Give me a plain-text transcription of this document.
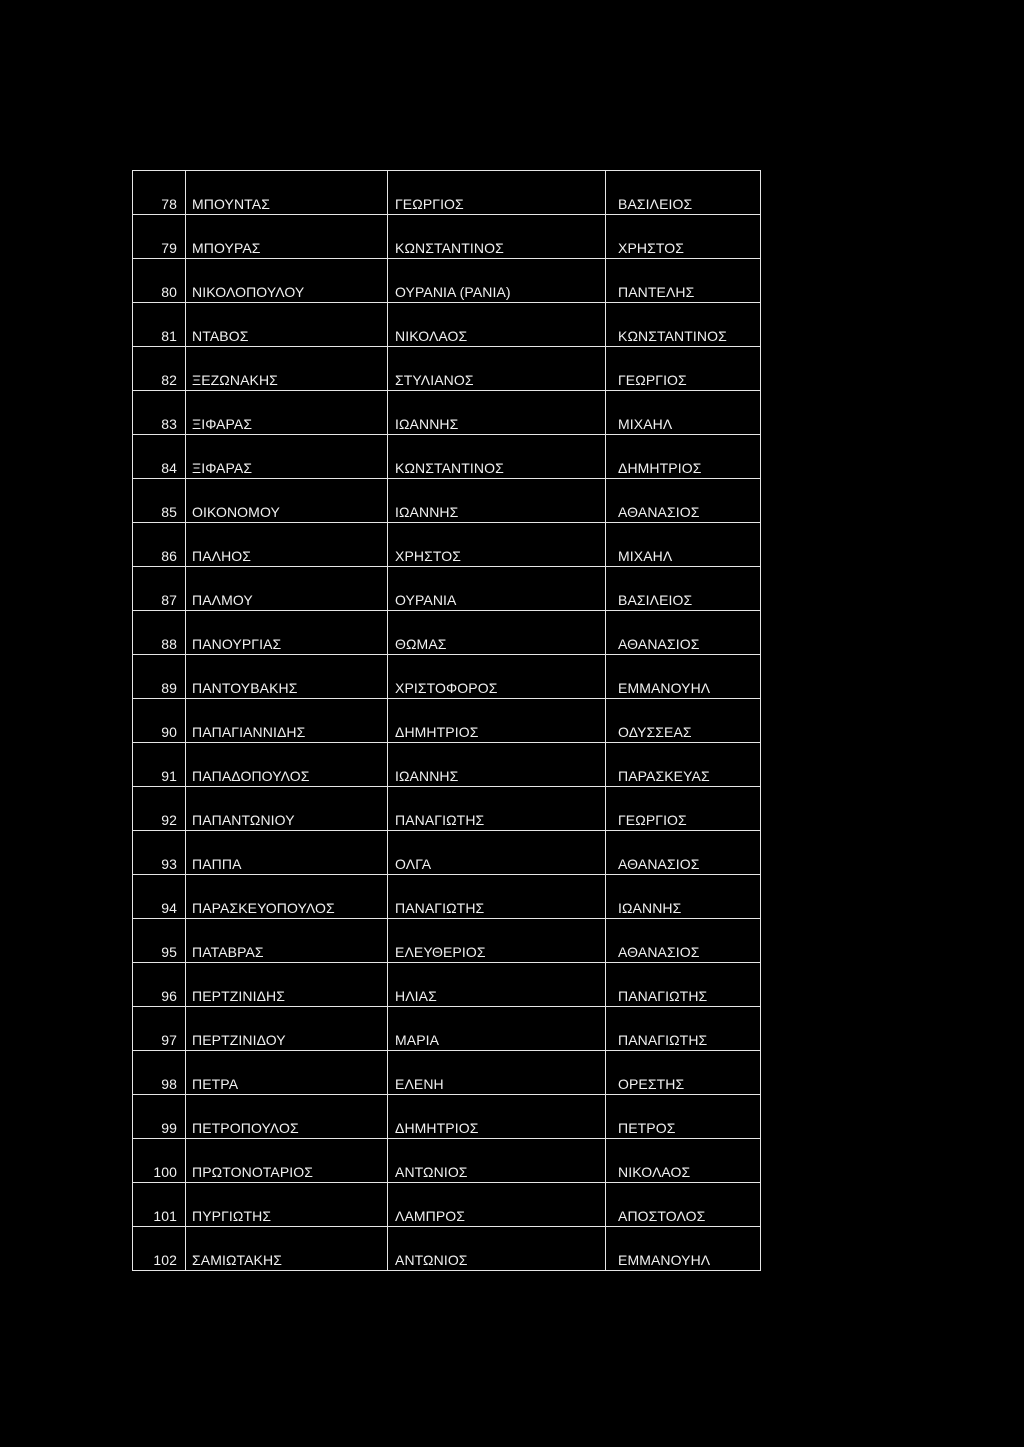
78	ΜΠΟΥΝΤΑΣ	ΓΕΩΡΓΙΟΣ	ΒΑΣΙΛΕΙΟΣ
79	ΜΠΟΥΡΑΣ	ΚΩΝΣΤΑΝΤΙΝΟΣ	ΧΡΗΣΤΟΣ
80	ΝΙΚΟΛΟΠΟΥΛΟΥ	ΟΥΡΑΝΙΑ (ΡΑΝΙΑ)	ΠΑΝΤΕΛΗΣ
81	ΝΤΑΒΟΣ	ΝΙΚΟΛΑΟΣ	ΚΩΝΣΤΑΝΤΙΝΟΣ
82	ΞΕΖΩΝΑΚΗΣ	ΣΤΥΛΙΑΝΟΣ	ΓΕΩΡΓΙΟΣ
83	ΞΙΦΑΡΑΣ	ΙΩΑΝΝΗΣ	ΜΙΧΑΗΛ
84	ΞΙΦΑΡΑΣ	ΚΩΝΣΤΑΝΤΙΝΟΣ	ΔΗΜΗΤΡΙΟΣ
85	ΟΙΚΟΝΟΜΟΥ	ΙΩΑΝΝΗΣ	ΑΘΑΝΑΣΙΟΣ
86	ΠΑΛΗΟΣ	ΧΡΗΣΤΟΣ	ΜΙΧΑΗΛ
87	ΠΑΛΜΟΥ	ΟΥΡΑΝΙΑ	ΒΑΣΙΛΕΙΟΣ
88	ΠΑΝΟΥΡΓΙΑΣ	ΘΩΜΑΣ	ΑΘΑΝΑΣΙΟΣ
89	ΠΑΝΤΟΥΒΑΚΗΣ	ΧΡΙΣΤΟΦΟΡΟΣ	ΕΜΜΑΝΟΥΗΛ
90	ΠΑΠΑΓΙΑΝΝΙΔΗΣ	ΔΗΜΗΤΡΙΟΣ	ΟΔΥΣΣΕΑΣ
91	ΠΑΠΑΔΟΠΟΥΛΟΣ	ΙΩΑΝΝΗΣ	ΠΑΡΑΣΚΕΥΑΣ
92	ΠΑΠΑΝΤΩΝΙΟΥ	ΠΑΝΑΓΙΩΤΗΣ	ΓΕΩΡΓΙΟΣ
93	ΠΑΠΠΑ	ΟΛΓΑ	ΑΘΑΝΑΣΙΟΣ
94	ΠΑΡΑΣΚΕΥΟΠΟΥΛΟΣ	ΠΑΝΑΓΙΩΤΗΣ	ΙΩΑΝΝΗΣ
95	ΠΑΤΑΒΡΑΣ	ΕΛΕΥΘΕΡΙΟΣ	ΑΘΑΝΑΣΙΟΣ
96	ΠΕΡΤΖΙΝΙΔΗΣ	ΗΛΙΑΣ	ΠΑΝΑΓΙΩΤΗΣ
97	ΠΕΡΤΖΙΝΙΔΟΥ	ΜΑΡΙΑ	ΠΑΝΑΓΙΩΤΗΣ
98	ΠΕΤΡΑ	ΕΛΕΝΗ	ΟΡΕΣΤΗΣ
99	ΠΕΤΡΟΠΟΥΛΟΣ	ΔΗΜΗΤΡΙΟΣ	ΠΕΤΡΟΣ
100	ΠΡΩΤΟΝΟΤΑΡΙΟΣ	ΑΝΤΩΝΙΟΣ	ΝΙΚΟΛΑΟΣ
101	ΠΥΡΓΙΩΤΗΣ	ΛΑΜΠΡΟΣ	ΑΠΟΣΤΟΛΟΣ
102	ΣΑΜΙΩΤΑΚΗΣ	ΑΝΤΩΝΙΟΣ	ΕΜΜΑΝΟΥΗΛ
